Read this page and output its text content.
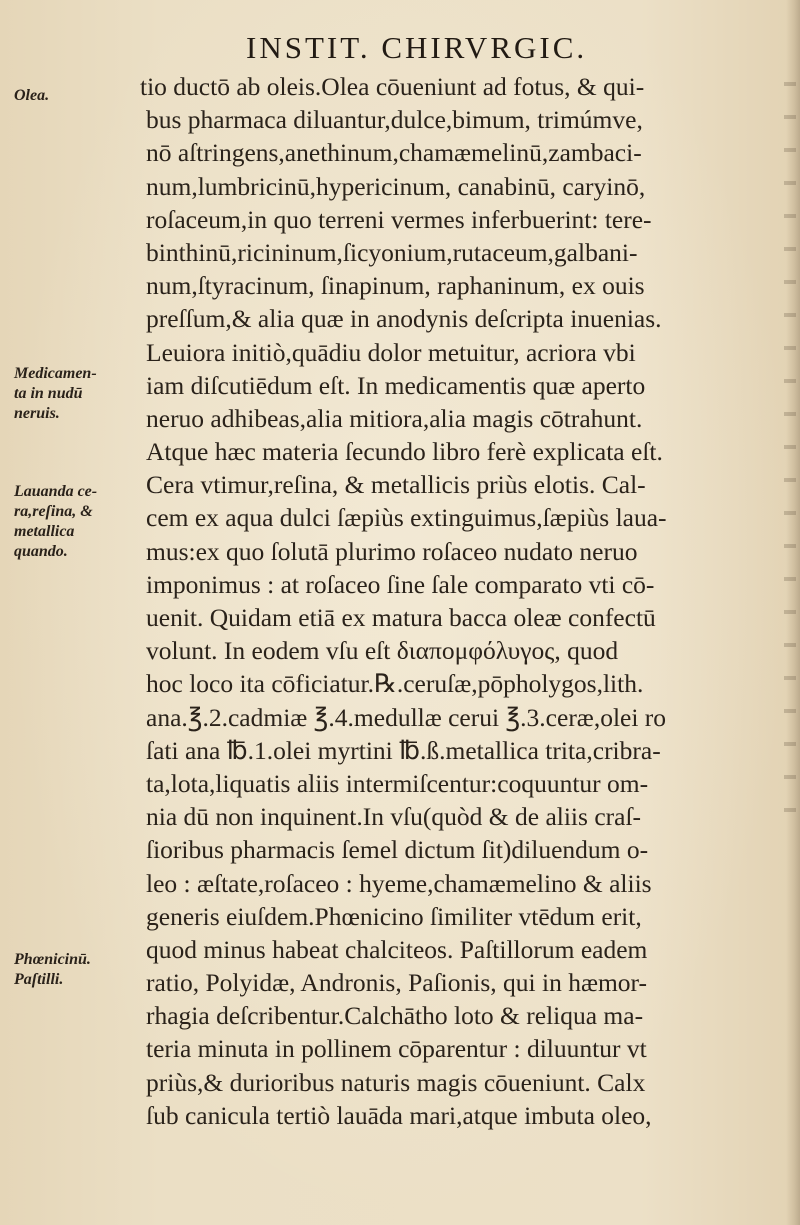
INSTIT. CHIRVRGIC.
Olea.
Medicamen-
ta in nudū
neruis.
Lauanda ce-
ra,reſina, &
metallica
quando.
Phœnicinū.
Paſtilli.
tio ductō ab oleis.Olea cōueniunt ad fotus, & qui-
bus pharmaca diluantur,dulce,bimum, trimúmve,
nō aſtringens,anethinum,chamæmelinū,zambaci-
num,lumbricinū,hypericinum, canabinū, caryinō,
roſaceum,in quo terreni vermes inferbuerint: tere-
binthinū,ricininum,ſicyonium,rutaceum,galbani-
num,ſtyracinum, ſinapinum, raphaninum, ex ouis
preſſum,& alia quæ in anodynis deſcripta inuenias.
Leuiora initiò,quādiu dolor metuitur, acriora vbi
iam diſcutiēdum eſt. In medicamentis quæ aperto
neruo adhibeas,alia mitiora,alia magis cōtrahunt.
Atque hæc materia ſecundo libro ferè explicata eſt.
Cera vtimur,reſina, & metallicis priùs elotis. Cal-
cem ex aqua dulci ſæpiùs extinguimus,ſæpiùs laua-
mus:ex quo ſolutā plurimo roſaceo nudato neruo
imponimus : at roſaceo ſine ſale comparato vti cō-
uenit. Quidam etiā ex matura bacca oleæ confectū
volunt. In eodem vſu eſt διαπομφόλυγος, quod
hoc loco ita cōficiatur.℞.ceruſæ,pōpholygos,lith.
ana.℥.2.cadmiæ ℥.4.medullæ cerui ℥.3.ceræ,olei ro
ſati ana ℔.1.olei myrtini ℔.ß.metallica trita,cribra-
ta,lota,liquatis aliis intermiſcentur:coquuntur om-
nia dū non inquinent.In vſu(quòd & de aliis craſ-
ſioribus pharmacis ſemel dictum ſit)diluendum o-
leo : æſtate,roſaceo : hyeme,chamæmelino & aliis
generis eiuſdem.Phœnicino ſimiliter vtēdum erit,
quod minus habeat chalciteos. Paſtillorum eadem
ratio, Polyidæ, Andronis, Paſionis, qui in hæmor-
rhagia deſcribentur.Calchātho loto & reliqua ma-
teria minuta in pollinem cōparentur : diluuntur vt
priùs,& durioribus naturis magis cōueniunt. Calx
ſub canicula tertiò lauāda mari,atque imbuta oleo,
